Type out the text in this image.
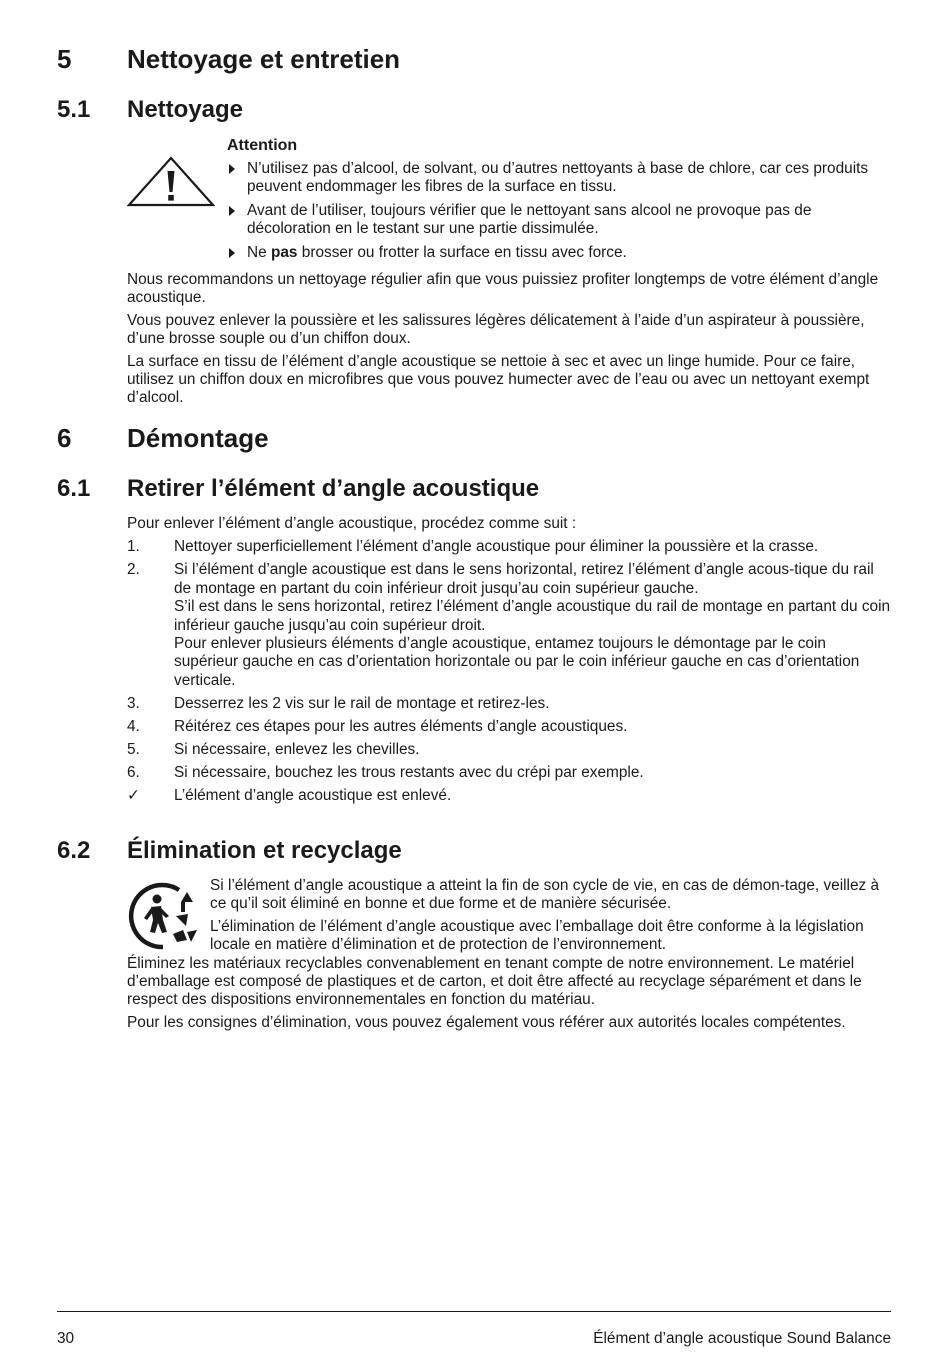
5 Nettoyage et entretien
5.1 Nettoyage
Attention
N’utilisez pas d’alcool, de solvant, ou d’autres nettoyants à base de chlore, car ces produits peuvent endommager les fibres de la surface en tissu.
Avant de l’utiliser, toujours vérifier que le nettoyant sans alcool ne provoque pas de décoloration en le testant sur une partie dissimulée.
Ne pas brosser ou frotter la surface en tissu avec force.

Nous recommandons un nettoyage régulier afin que vous puissiez profiter longtemps de votre élément d’angle acoustique.

Vous pouvez enlever la poussière et les salissures légères délicatement à l’aide d’un aspirateur à poussière, d’une brosse souple ou d’un chiffon doux.

La surface en tissu de l’élément d’angle acoustique se nettoie à sec et avec un linge humide. Pour ce faire, utilisez un chiffon doux en microfibres que vous pouvez humecter avec de l’eau ou avec un nettoyant exempt d’alcool.

6 Démontage
6.1 Retirer l’élément d’angle acoustique

Pour enlever l’élément d’angle acoustique, procédez comme suit :

1. Nettoyer superficiellement l’élément d’angle acoustique pour éliminer la poussière et la crasse.
2. Si l’élément d’angle acoustique est dans le sens horizontal, retirez l’élément d’angle acous-tique du rail de montage en partant du coin inférieur droit jusqu’au coin supérieur gauche.
S’il est dans le sens horizontal, retirez l’élément d’angle acoustique du rail de montage en partant du coin inférieur gauche jusqu’au coin supérieur droit.
Pour enlever plusieurs éléments d’angle acoustique, entamez toujours le démontage par le coin supérieur gauche en cas d’orientation horizontale ou par le coin inférieur gauche en cas d’orientation verticale.
3. Desserrez les 2 vis sur le rail de montage et retirez-les.
4. Réitérez ces étapes pour les autres éléments d’angle acoustiques.
5. Si nécessaire, enlevez les chevilles.
6. Si nécessaire, bouchez les trous restants avec du crépi par exemple.
✓ L’élément d’angle acoustique est enlevé.
6.2 Élimination et recyclage

Si l’élément d’angle acoustique a atteint la fin de son cycle de vie, en cas de démon-tage, veillez à ce qu’il soit éliminé en bonne et due forme et de manière sécurisée.

L’élimination de l’élément d’angle acoustique avec l’emballage doit être conforme à la législation locale en matière d’élimination et de protection de l’environnement.

Éliminez les matériaux recyclables convenablement en tenant compte de notre environnement. Le matériel d’emballage est composé de plastiques et de carton, et doit être affecté au recyclage séparément et dans le respect des dispositions environnementales en fonction du matériau.

Pour les consignes d’élimination, vous pouvez également vous référer aux autorités locales compétentes.

30	Élément d’angle acoustique Sound Balance
